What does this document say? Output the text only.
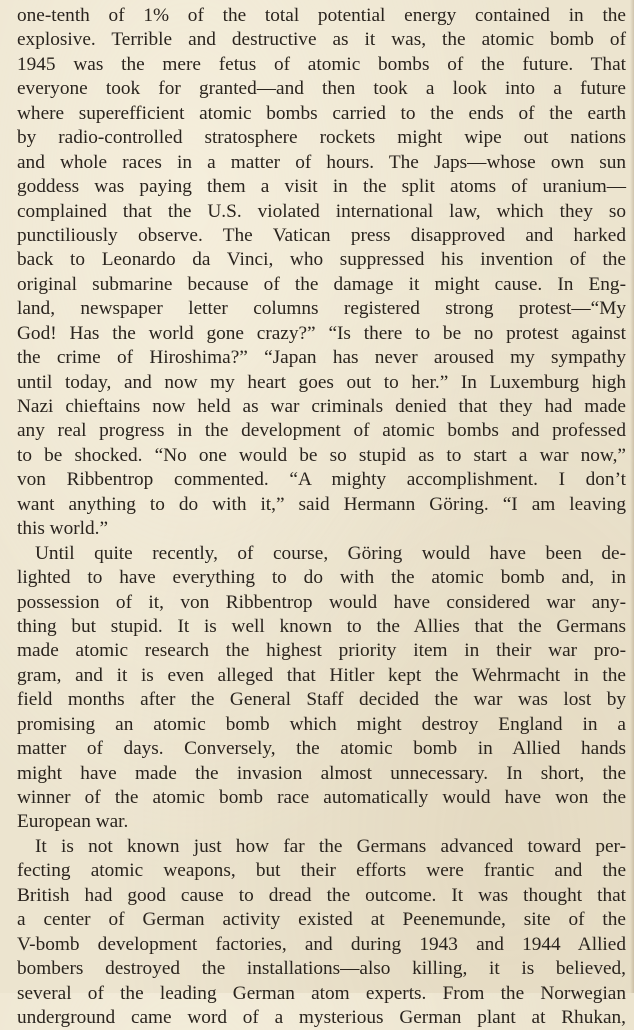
one-tenth of 1% of the total potential energy contained in the
explosive. Terrible and destructive as it was, the atomic bomb of
1945 was the mere fetus of atomic bombs of the future. That
everyone took for granted—and then took a look into a future
where superefficient atomic bombs carried to the ends of the earth
by radio-controlled stratosphere rockets might wipe out nations
and whole races in a matter of hours. The Japs—whose own sun
goddess was paying them a visit in the split atoms of uranium—
complained that the U.S. violated international law, which they so
punctiliously observe. The Vatican press disapproved and harked
back to Leonardo da Vinci, who suppressed his invention of the
original submarine because of the damage it might cause. In Eng-
land, newspaper letter columns registered strong protest—“My
God! Has the world gone crazy?” “Is there to be no protest against
the crime of Hiroshima?” “Japan has never aroused my sympathy
until today, and now my heart goes out to her.” In Luxemburg high
Nazi chieftains now held as war criminals denied that they had made
any real progress in the development of atomic bombs and professed
to be shocked. “No one would be so stupid as to start a war now,”
von Ribbentrop commented. “A mighty accomplishment. I don’t
want anything to do with it,” said Hermann Göring. “I am leaving
this world.”
Until quite recently, of course, Göring would have been de-
lighted to have everything to do with the atomic bomb and, in
possession of it, von Ribbentrop would have considered war any-
thing but stupid. It is well known to the Allies that the Germans
made atomic research the highest priority item in their war pro-
gram, and it is even alleged that Hitler kept the Wehrmacht in the
field months after the General Staff decided the war was lost by
promising an atomic bomb which might destroy England in a
matter of days. Conversely, the atomic bomb in Allied hands
might have made the invasion almost unnecessary. In short, the
winner of the atomic bomb race automatically would have won the
European war.
It is not known just how far the Germans advanced toward per-
fecting atomic weapons, but their efforts were frantic and the
British had good cause to dread the outcome. It was thought that
a center of German activity existed at Peenemunde, site of the
V-bomb development factories, and during 1943 and 1944 Allied
bombers destroyed the installations—also killing, it is believed,
several of the leading German atom experts. From the Norwegian
underground came word of a mysterious German plant at Rhukan,
